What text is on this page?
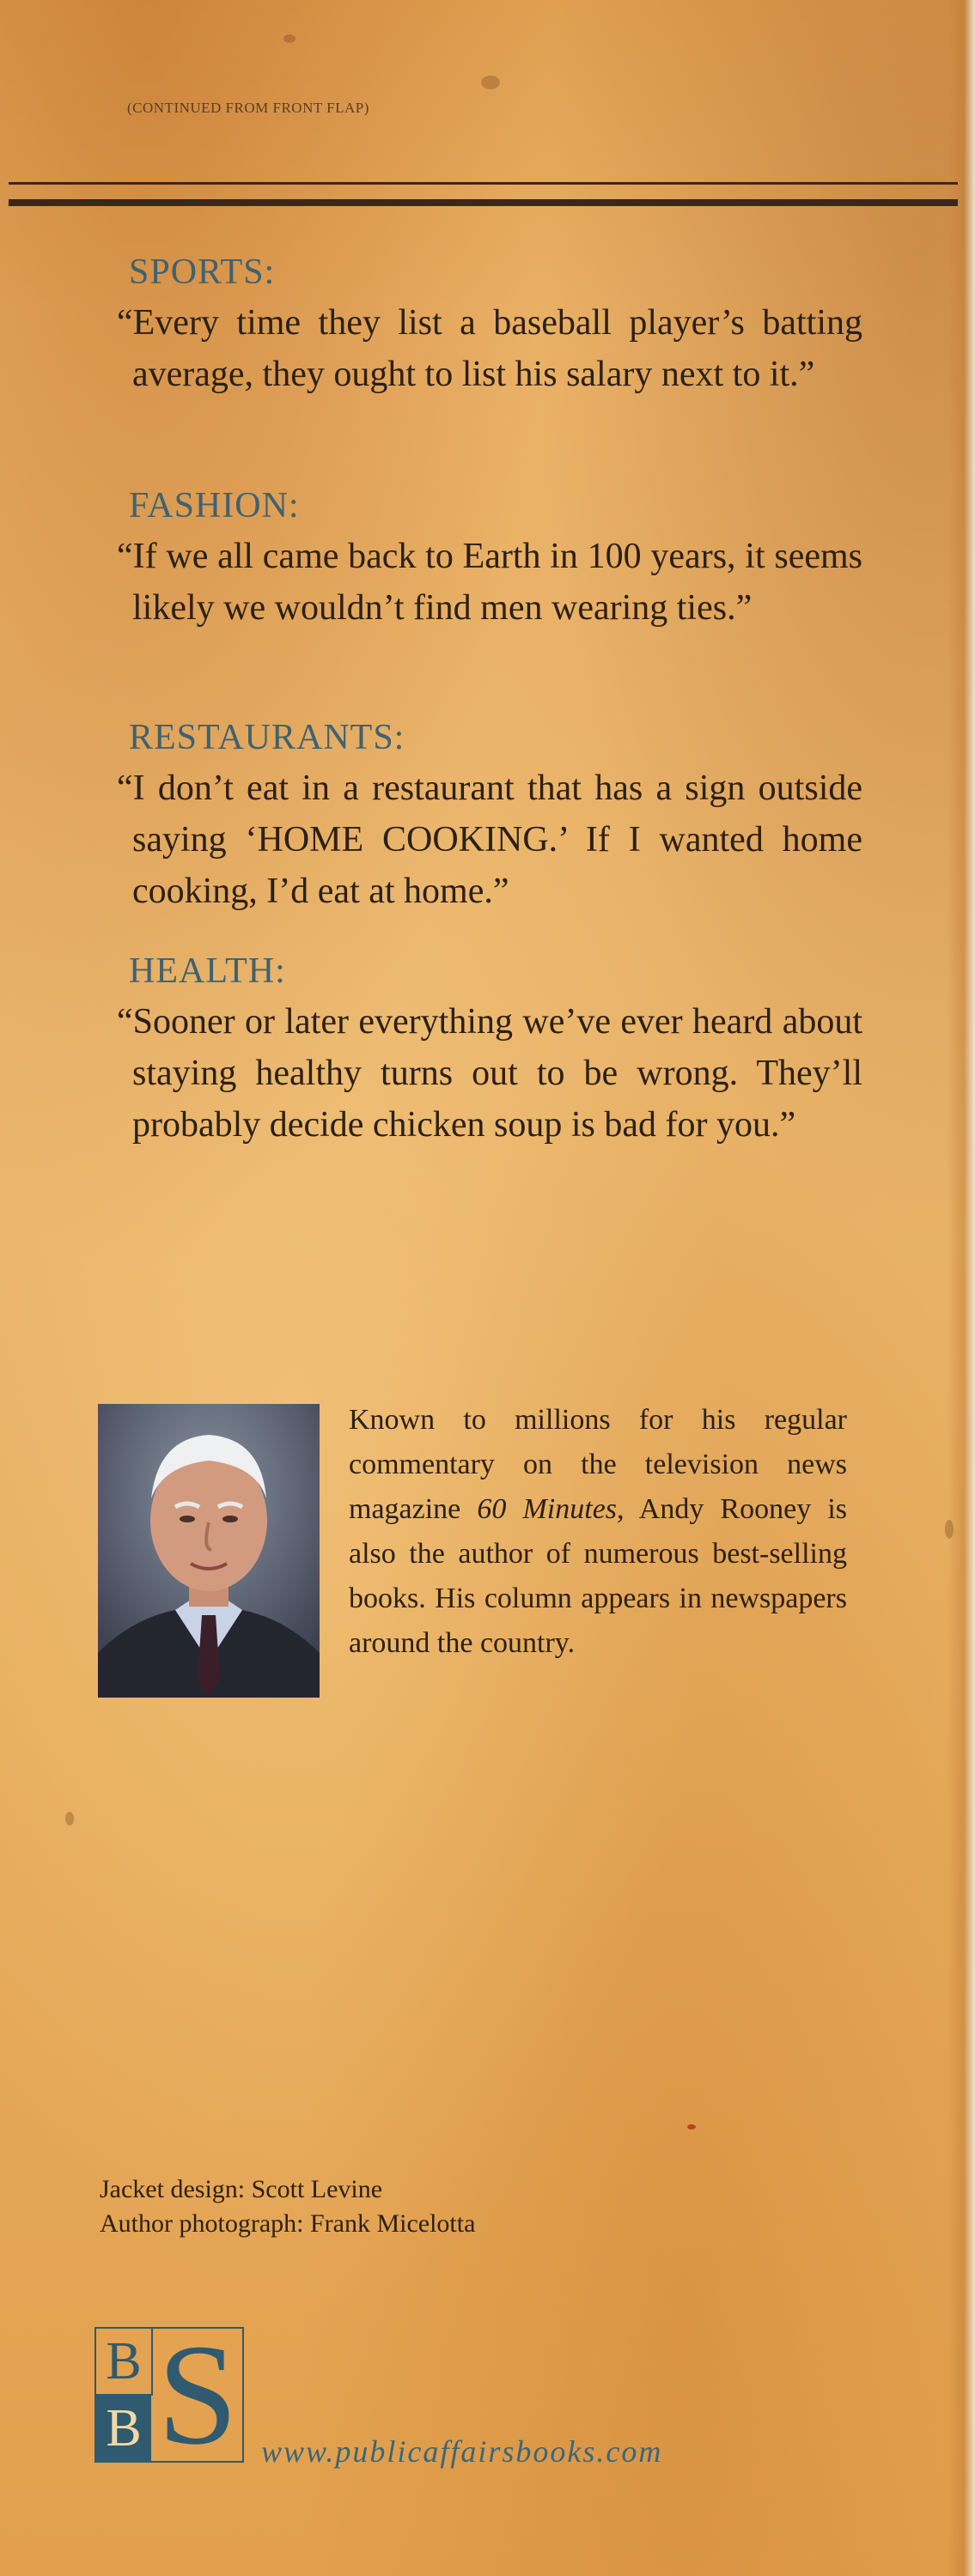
(CONTINUED FROM FRONT FLAP)
SPORTS:
“Every time they list a baseball player’s batting average, they ought to list his salary next to it.”
FASHION:
“If we all came back to Earth in 100 years, it seems likely we wouldn’t find men wearing ties.”
RESTAURANTS:
“I don’t eat in a restaurant that has a sign outside saying ‘HOME COOKING.’ If I wanted home cooking, I’d eat at home.”
HEALTH:
“Sooner or later everything we’ve ever heard about staying healthy turns out to be wrong. They’ll probably decide chicken soup is bad for you.”
Known to millions for his regular commentary on the television news magazine 60 Minutes, Andy Rooney is also the author of numerous best-selling books. His column appears in newspapers around the country.
Jacket design: Scott Levine
Author photograph: Frank Micelotta
B
B S www.publicaffairsbooks.com
